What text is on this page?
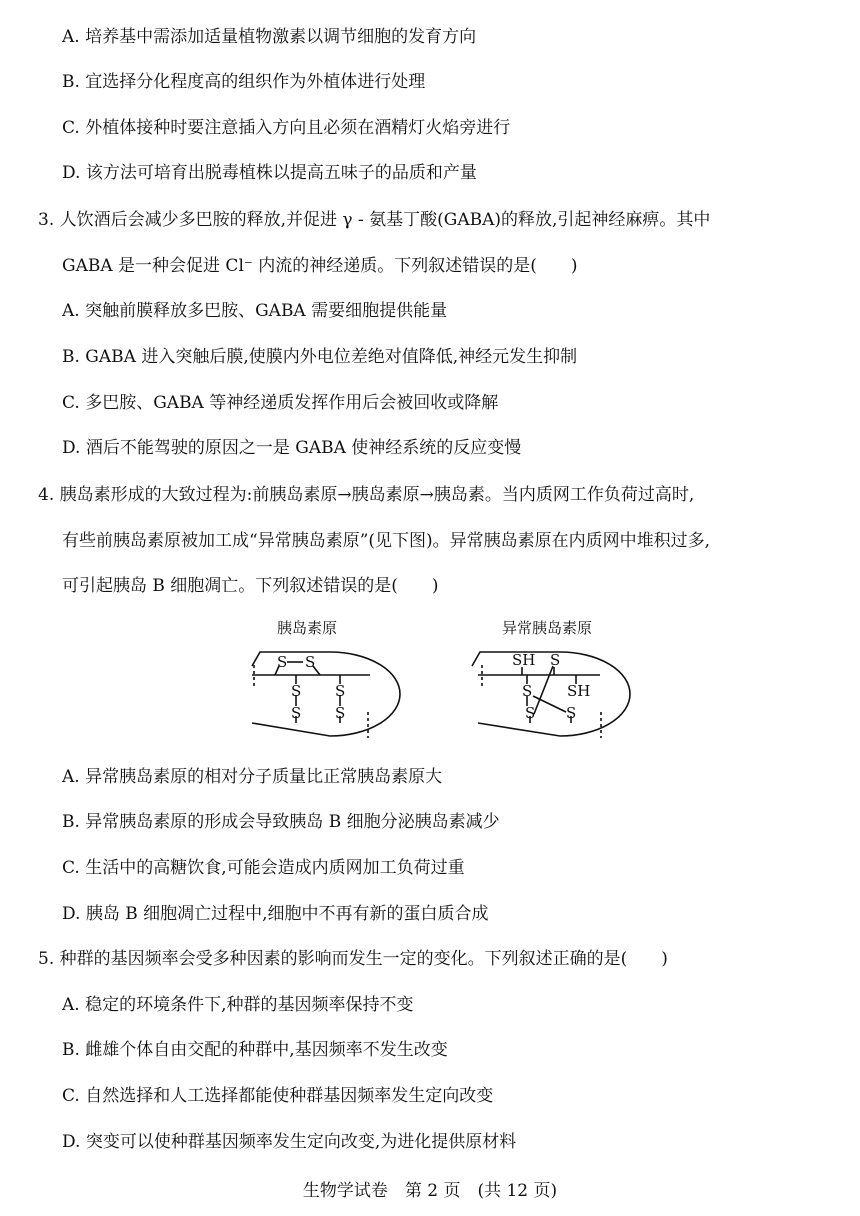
A. 培养基中需添加适量植物激素以调节细胞的发育方向
B. 宜选择分化程度高的组织作为外植体进行处理
C. 外植体接种时要注意插入方向且必须在酒精灯火焰旁进行
D. 该方法可培育出脱毒植株以提高五味子的品质和产量
3. 人饮酒后会减少多巴胺的释放,并促进 γ - 氨基丁酸(GABA)的释放,引起神经麻痹。其中
GABA 是一种会促进 Cl⁻ 内流的神经递质。下列叙述错误的是(　　)
A. 突触前膜释放多巴胺、GABA 需要细胞提供能量
B. GABA 进入突触后膜,使膜内外电位差绝对值降低,神经元发生抑制
C. 多巴胺、GABA 等神经递质发挥作用后会被回收或降解
D. 酒后不能驾驶的原因之一是 GABA 使神经系统的反应变慢
4. 胰岛素形成的大致过程为:前胰岛素原→胰岛素原→胰岛素。当内质网工作负荷过高时,
有些前胰岛素原被加工成“异常胰岛素原”(见下图)。异常胰岛素原在内质网中堆积过多,
可引起胰岛 B 细胞凋亡。下列叙述错误的是(　　)
胰岛素原	异常胰岛素原
S S
S
S
S
S
SH S
S SH
S S
A. 异常胰岛素原的相对分子质量比正常胰岛素原大
B. 异常胰岛素原的形成会导致胰岛 B 细胞分泌胰岛素减少
C. 生活中的高糖饮食,可能会造成内质网加工负荷过重
D. 胰岛 B 细胞凋亡过程中,细胞中不再有新的蛋白质合成
5. 种群的基因频率会受多种因素的影响而发生一定的变化。下列叙述正确的是(　　)
A. 稳定的环境条件下,种群的基因频率保持不变
B. 雌雄个体自由交配的种群中,基因频率不发生改变
C. 自然选择和人工选择都能使种群基因频率发生定向改变
D. 突变可以使种群基因频率发生定向改变,为进化提供原材料
生物学试卷　第 2 页　(共 12 页)
